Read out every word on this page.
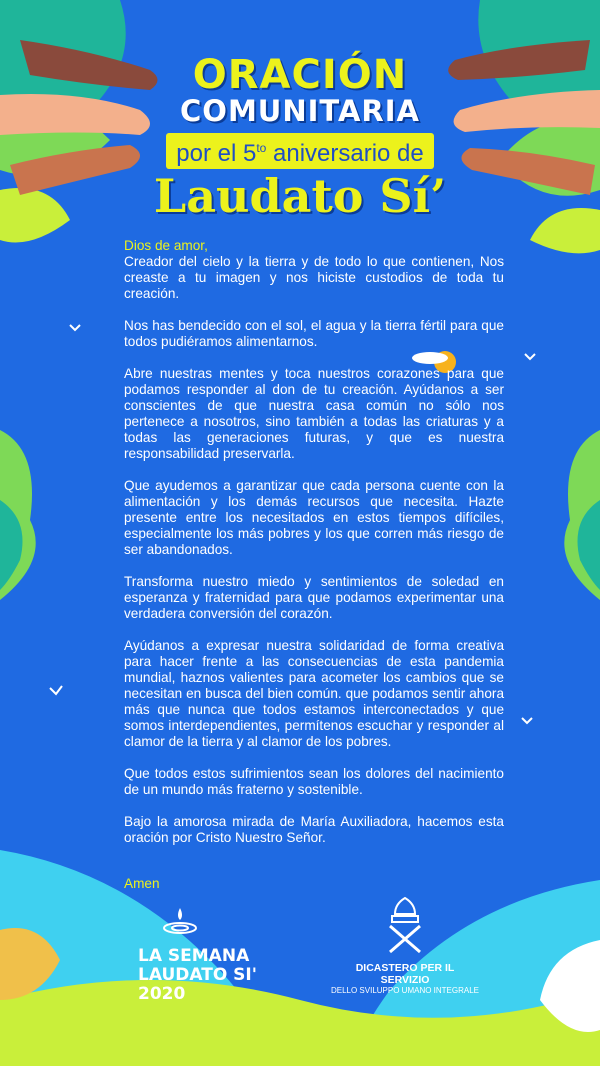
ORACIÓN
COMUNITARIA
por el $5^{to}$ aniversario de
Laudato Sí’

Dios de amor,
Creador del cielo y la tierra y de todo lo que contienen, Nos creaste a tu imagen y nos hiciste custodios de toda tu creación.

Nos has bendecido con el sol, el agua y la tierra fértil para que todos pudiéramos alimentarnos.

Abre nuestras mentes y toca nuestros corazones para que podamos responder al don de tu creación. Ayúdanos a ser conscientes de que nuestra casa común no sólo nos pertenece a nosotros, sino también a todas las criaturas y a todas las generaciones futuras, y que es nuestra responsabilidad preservarla.

Que ayudemos a garantizar que cada persona cuente con la alimentación y los demás recursos que necesita. Hazte presente entre los necesitados en estos tiempos difíciles, especialmente los más pobres y los que corren más riesgo de ser abandonados.

Transforma nuestro miedo y sentimientos de soledad en esperanza y fraternidad para que podamos experimentar una verdadera conversión del corazón.

Ayúdanos a expresar nuestra solidaridad de forma creativa para hacer frente a las consecuencias de esta pandemia mundial, haznos valientes para acometer los cambios que se necesitan en busca del bien común. que podamos sentir ahora más que nunca que todos estamos interconectados y que somos interdependientes, permítenos escuchar y responder al clamor de la tierra y al clamor de los pobres.

Que todos estos sufrimientos sean los dolores del nacimiento de un mundo más fraterno y sostenible.

Bajo la amorosa mirada de María Auxiliadora, hacemos esta oración por Cristo Nuestro Señor.

Amen
LA SEMANA
LAUDATO SI' 2020
DICASTERO PER IL SERVIZIO
DELLO SVILUPPO UMANO INTEGRALE
